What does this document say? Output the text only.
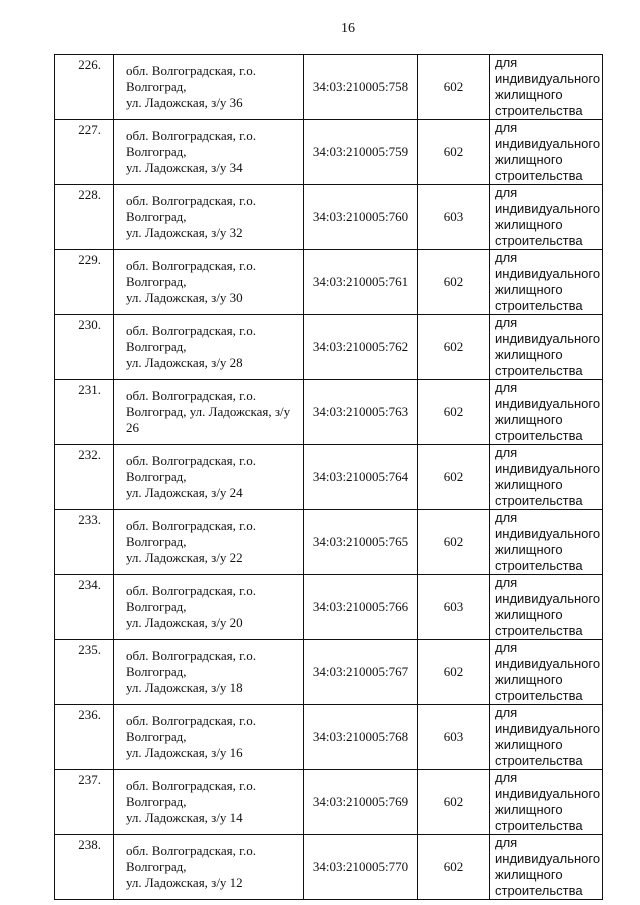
16
226.	обл. Волгоградская, г.о.
Волгоград,
ул. Ладожская, з/у 36	34:03:210005:758	602	для
индивидуального
жилищного
строительства

227.	обл. Волгоградская, г.о.
Волгоград,
ул. Ладожская, з/у 34	34:03:210005:759	602	для
индивидуального
жилищного
строительства

228.	обл. Волгоградская, г.о.
Волгоград,
ул. Ладожская, з/у 32	34:03:210005:760	603	для
индивидуального
жилищного
строительства

229.	обл. Волгоградская, г.о.
Волгоград,
ул. Ладожская, з/у 30	34:03:210005:761	602	для
индивидуального
жилищного
строительства

230.	обл. Волгоградская, г.о.
Волгоград,
ул. Ладожская, з/у 28	34:03:210005:762	602	для
индивидуального
жилищного
строительства

231.	обл. Волгоградская, г.о.
Волгоград, ул. Ладожская, з/у
26	34:03:210005:763	602	для
индивидуального
жилищного
строительства

232.	обл. Волгоградская, г.о.
Волгоград,
ул. Ладожская, з/у 24	34:03:210005:764	602	для
индивидуального
жилищного
строительства

233.	обл. Волгоградская, г.о.
Волгоград,
ул. Ладожская, з/у 22	34:03:210005:765	602	для
индивидуального
жилищного
строительства

234.	обл. Волгоградская, г.о.
Волгоград,
ул. Ладожская, з/у 20	34:03:210005:766	603	для
индивидуального
жилищного
строительства

235.	обл. Волгоградская, г.о.
Волгоград,
ул. Ладожская, з/у 18	34:03:210005:767	602	для
индивидуального
жилищного
строительства

236.	обл. Волгоградская, г.о.
Волгоград,
ул. Ладожская, з/у 16	34:03:210005:768	603	для
индивидуального
жилищного
строительства

237.	обл. Волгоградская, г.о.
Волгоград,
ул. Ладожская, з/у 14	34:03:210005:769	602	для
индивидуального
жилищного
строительства

238.	обл. Волгоградская, г.о.
Волгоград,
ул. Ладожская, з/у 12	34:03:210005:770	602	для
индивидуального
жилищного
строительства
